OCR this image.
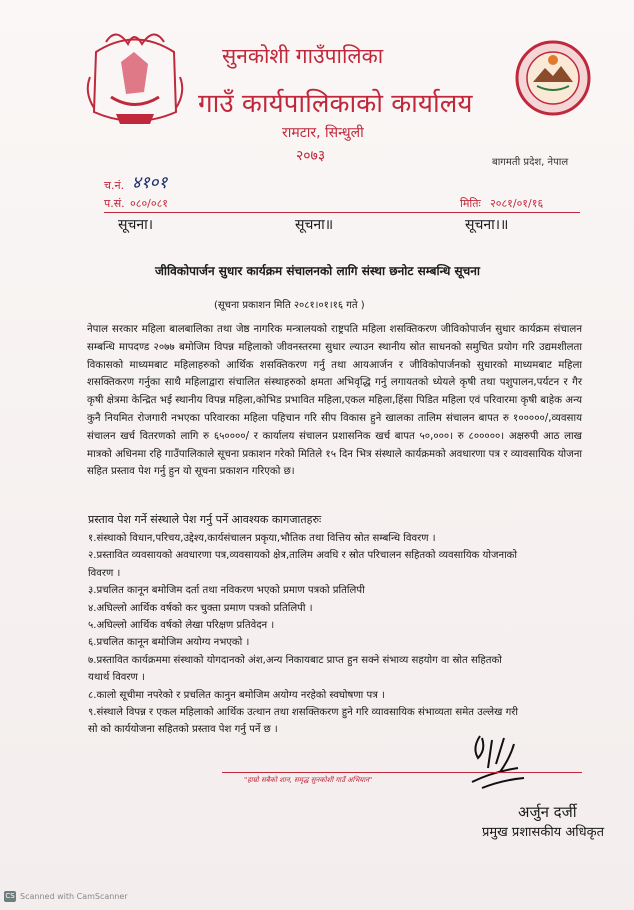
सुनकोशी गाउँपालिका
गाउँ कार्यपालिकाको कार्यालय
रामटार, सिन्धुली
२०७३	बागमती प्रदेश, नेपाल
च.नं. ४१०१
प.सं. ०८०/०८१	मितिः २०८१/०१/१६
सूचना।	सूचना॥	सूचना।॥
जीविकोपार्जन सुधार कार्यक्रम संचालनको लागि संस्था छनोट सम्बन्धि सूचना
(सूचना प्रकाशन मिति २०८१।०१।१६ गते )
नेपाल सरकार महिला बालबालिका तथा जेष्ठ नागरिक मन्त्रालयको राष्ट्रपति महिला शसक्तिकरण जीविकोपार्जन सुधार कार्यक्रम संचालन सम्बन्धि मापदण्ड २०७७ बमोजिम विपन्न महिलाको जीवनस्तरमा सुधार ल्याउन स्थानीय स्रोत साधनको समुचित प्रयोग गरि उद्यमशीलता विकासको माध्यमबाट महिलाहरुको आर्थिक शसक्तिकरण गर्नु तथा आयआर्जन र जीविकोपार्जनको सुधारको माध्यमबाट महिला शसक्तिकरण गर्नुका साथै महिलाद्वारा संचालित संस्थाहरुको क्षमता अभिवृद्धि गर्नु लगायतको ध्येयले कृषी तथा पशुपालन,पर्यटन र गैर कृषी क्षेत्रमा केन्द्रित भई स्थानीय विपन्न महिला,कोभिड प्रभावित महिला,एकल महिला,हिंसा पिडित महिला एवं परिवारमा कृषी बाहेक अन्य कुनै नियमित रोजगारी नभएका परिवारका महिला पहिचान गरि सीप विकास हुने खालका तालिम संचालन बापत रु १०००००/,व्यवसाय संचालन खर्च वितरणको लागि रु ६५००००/ र कार्यालय संचालन प्रशासनिक खर्च बापत ५०,०००। रु ८०००००। अक्षरुपी आठ लाख मात्रको अधिनमा रहि गाउँपालिकाले सूचना प्रकाशन गरेको मितिले १५ दिन भित्र संस्थाले कार्यक्रमको अवधारणा पत्र र व्यावसायिक योजना सहित प्रस्ताव पेश गर्नु हुन यो सूचना प्रकाशन गरिएको छ।
प्रस्ताव पेश गर्ने संस्थाले पेश गर्नु पर्ने आवश्यक कागजातहरुः
१.संस्थाको विधान,परिचय,उद्देश्य,कार्यसंचालन प्रकृया,भौतिक तथा वित्तिय स्रोत सम्बन्धि विवरण ।
२.प्रस्तावित व्यवसायको अवधारणा पत्र,व्यवसायको क्षेत्र,तालिम अवधि र स्रोत परिचालन सहितको व्यवसायिक योजनाको
विवरण ।
३.प्रचलित कानून बमोजिम दर्ता तथा नविकरण भएको प्रमाण पत्रको प्रतिलिपी
४.अघिल्लो आर्थिक वर्षको कर चुक्ता प्रमाण पत्रको प्रतिलिपी ।
५.अघिल्लो आर्थिक वर्षको लेखा परिक्षण प्रतिवेदन ।
६.प्रचलित कानून बमोजिम अयोग्य नभएको ।
७.प्रस्तावित कार्यक्रममा संस्थाको योगदानको अंश,अन्य निकायबाट प्राप्त हुन सक्ने संभाव्य सहयोग वा स्रोत सहितको
यथार्थ विवरण ।
८.कालो सूचीमा नपरेको र प्रचलित कानुन बमोजिम अयोग्य नरहेको स्वघोषणा पत्र ।
९.संस्थाले विपन्न र एकल महिलाको आर्थिक उत्थान तथा शसक्तिकरण हुने गरि व्यावसायिक संभाव्यता समेत उल्लेख गरी
सो को कार्ययोजना सहितको प्रस्ताव पेश गर्नु पर्ने छ ।
"हाम्रो सबैको शान, समृद्ध सुनकोशी गाउँ अभियान"
अर्जुन दर्जी
प्रमुख प्रशासकीय अधिकृत
CS Scanned with CamScanner
